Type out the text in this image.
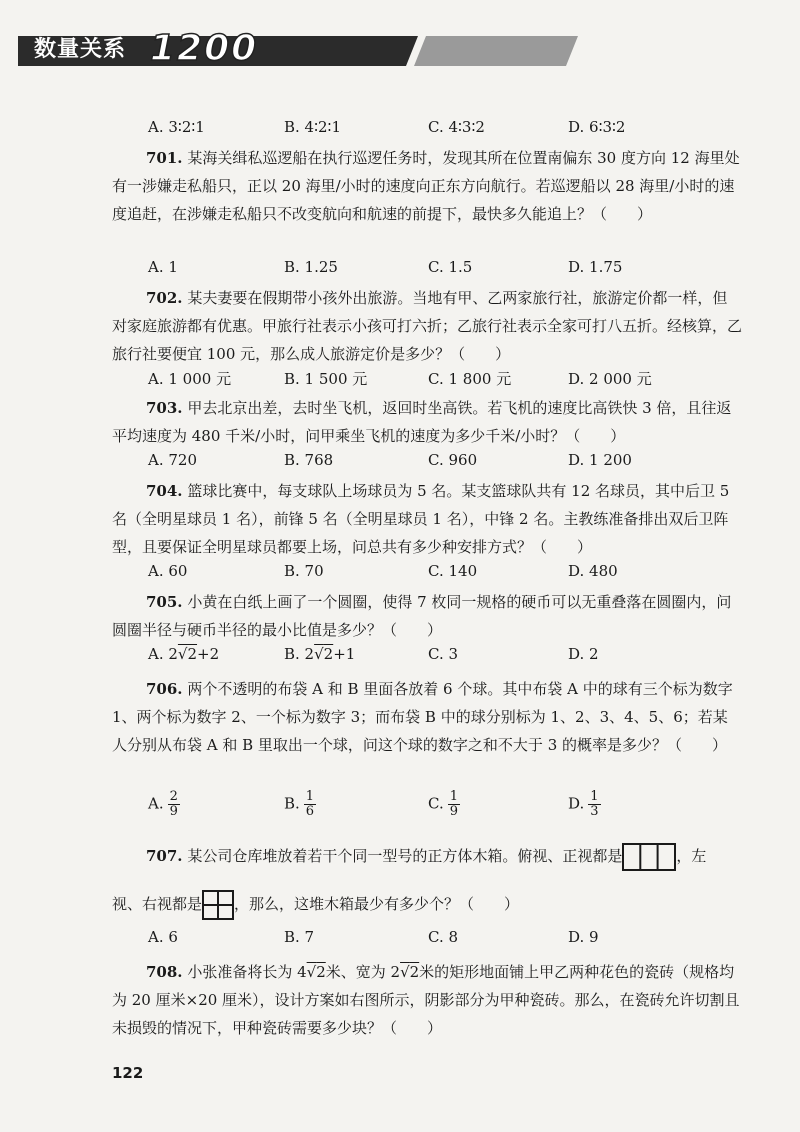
数量关系 1200
A. 3∶2∶1	B. 4∶2∶1	C. 4∶3∶2	D. 6∶3∶2
701. 某海关缉私巡逻船在执行巡逻任务时，发现其所在位置南偏东 30 度方向 12 海里处有一涉嫌走私船只，正以 20 海里/小时的速度向正东方向航行。若巡逻船以 28 海里/小时的速度追赶，在涉嫌走私船只不改变航向和航速的前提下，最快多久能追上？（　　）
A. 1	B. 1.25	C. 1.5	D. 1.75
702. 某夫妻要在假期带小孩外出旅游。当地有甲、乙两家旅行社，旅游定价都一样，但对家庭旅游都有优惠。甲旅行社表示小孩可打六折；乙旅行社表示全家可打八五折。经核算，乙旅行社要便宜 100 元，那么成人旅游定价是多少？（　　）
A. 1 000 元	B. 1 500 元	C. 1 800 元	D. 2 000 元
703. 甲去北京出差，去时坐飞机，返回时坐高铁。若飞机的速度比高铁快 3 倍，且往返平均速度为 480 千米/小时，问甲乘坐飞机的速度为多少千米/小时？（　　）
A. 720	B. 768	C. 960	D. 1 200
704. 篮球比赛中，每支球队上场球员为 5 名。某支篮球队共有 12 名球员，其中后卫 5 名（全明星球员 1 名），前锋 5 名（全明星球员 1 名），中锋 2 名。主教练准备排出双后卫阵型，且要保证全明星球员都要上场，问总共有多少种安排方式？（　　）
A. 60	B. 70	C. 140	D. 480
705. 小黄在白纸上画了一个圆圈，使得 7 枚同一规格的硬币可以无重叠落在圆圈内，问圆圈半径与硬币半径的最小比值是多少？（　　）
A. 2√2+2	B. 2√2+1	C. 3	D. 2
706. 两个不透明的布袋 A 和 B 里面各放着 6 个球。其中布袋 A 中的球有三个标为数字 1、两个标为数字 2、一个标为数字 3；而布袋 B 中的球分别标为 1、2、3、4、5、6；若某人分别从布袋 A 和 B 里取出一个球，问这个球的数字之和不大于 3 的概率是多少？（　　）
A. $\frac{2}{9}$	B. $\frac{1}{6}$	C. $\frac{1}{9}$	D. $\frac{1}{3}$
707. 某公司仓库堆放着若干个同一型号的正方体木箱。俯视、正视都是	，左
视、右视都是 ，那么，这堆木箱最少有多少个？（　　）
A. 6	B. 7	C. 8	D. 9
708. 小张准备将长为 4√2米、宽为 2√2米的矩形地面铺上甲乙两种花色的瓷砖（规格均为 20 厘米×20 厘米），设计方案如右图所示，阴影部分为甲种瓷砖。那么，在瓷砖允许切割且未损毁的情况下，甲种瓷砖需要多少块？（　　）
122
